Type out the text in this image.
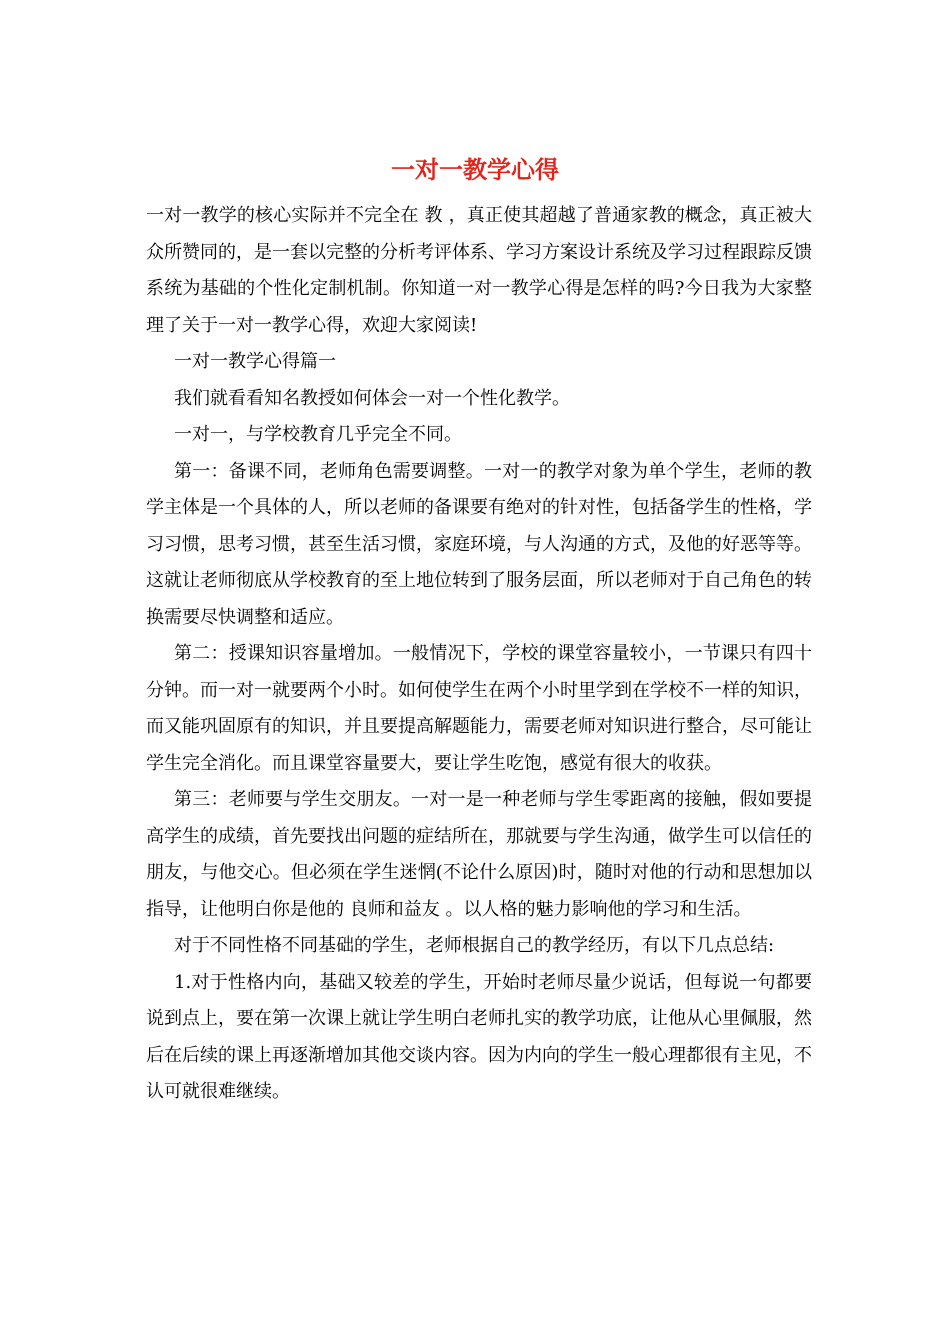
一对一教学心得

一对一教学的核心实际并不完全在 教 ，真正使其超越了普通家教的概念，真正被大众所赞同的，是一套以完整的分析考评体系、学习方案设计系统及学习过程跟踪反馈系统为基础的个性化定制机制。你知道一对一教学心得是怎样的吗?今日我为大家整理了关于一对一教学心得，欢迎大家阅读!

一对一教学心得篇一

我们就看看知名教授如何体会一对一个性化教学。

一对一，与学校教育几乎完全不同。

第一：备课不同，老师角色需要调整。一对一的教学对象为单个学生，老师的教学主体是一个具体的人，所以老师的备课要有绝对的针对性，包括备学生的性格，学习习惯，思考习惯，甚至生活习惯，家庭环境，与人沟通的方式，及他的好恶等等。这就让老师彻底从学校教育的至上地位转到了服务层面，所以老师对于自己角色的转换需要尽快调整和适应。

第二：授课知识容量增加。一般情况下，学校的课堂容量较小，一节课只有四十分钟。而一对一就要两个小时。如何使学生在两个小时里学到在学校不一样的知识，而又能巩固原有的知识，并且要提高解题能力，需要老师对知识进行整合，尽可能让学生完全消化。而且课堂容量要大，要让学生吃饱，感觉有很大的收获。

第三：老师要与学生交朋友。一对一是一种老师与学生零距离的接触，假如要提高学生的成绩，首先要找出问题的症结所在，那就要与学生沟通，做学生可以信任的朋友，与他交心。但必须在学生迷惘(不论什么原因)时，随时对他的行动和思想加以指导，让他明白你是他的 良师和益友 。以人格的魅力影响他的学习和生活。

对于不同性格不同基础的学生，老师根据自己的教学经历，有以下几点总结:

1.对于性格内向，基础又较差的学生，开始时老师尽量少说话，但每说一句都要说到点上，要在第一次课上就让学生明白老师扎实的教学功底，让他从心里佩服，然后在后续的课上再逐渐增加其他交谈内容。因为内向的学生一般心理都很有主见，不认可就很难继续。
